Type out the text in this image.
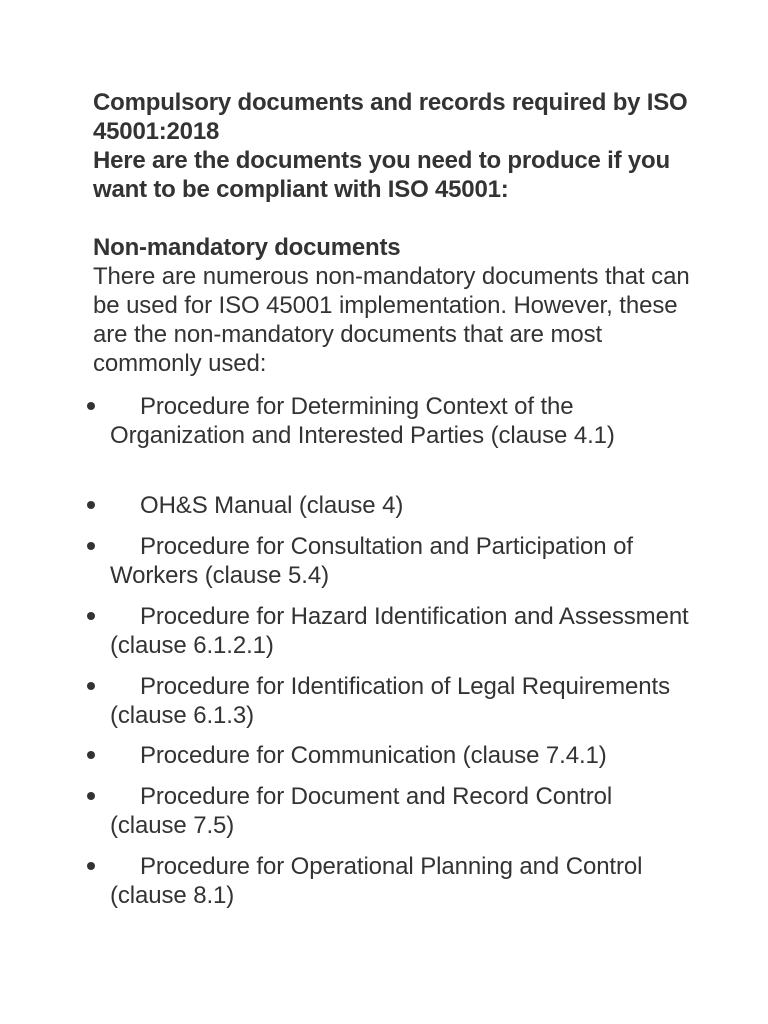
Compulsory documents and records required by ISO 45001:2018
Here are the documents you need to produce if you want to be compliant with ISO 45001:
Non-mandatory documents

There are numerous non-mandatory documents that can be used for ISO 45001 implementation. However, these are the non-mandatory documents that are most commonly used:

Procedure for Determining Context of the Organization and Interested Parties (clause 4.1)
OH&S Manual (clause 4)
Procedure for Consultation and Participation of Workers (clause 5.4)
Procedure for Hazard Identification and Assessment (clause 6.1.2.1)
Procedure for Identification of Legal Requirements (clause 6.1.3)
Procedure for Communication (clause 7.4.1)
Procedure for Document and Record Control (clause 7.5)
Procedure for Operational Planning and Control (clause 8.1)
